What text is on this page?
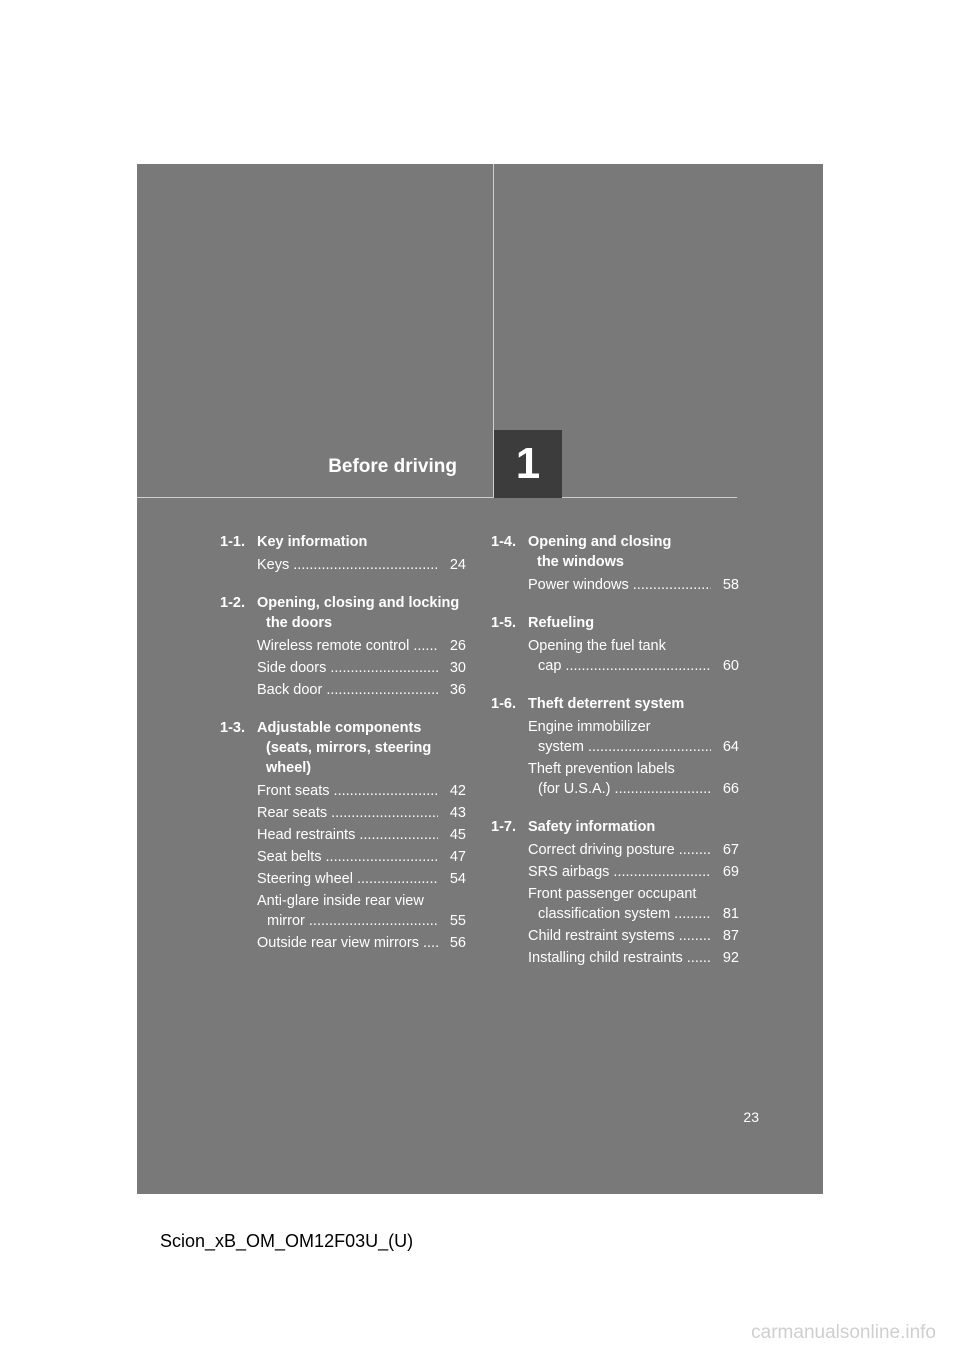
Before driving	1
1-1. Key information
Keys .....	24
1-2. Opening, closing and locking
the doors
Wireless remote control .....	26
Side doors .....	30
Back door .....	36
1-3. Adjustable components
(seats, mirrors, steering wheel)
Front seats .....	42
Rear seats .....	43
Head restraints .....	45
Seat belts .....	47
Steering wheel .....	54
Anti-glare inside rear view
mirror .....	55
Outside rear view mirrors .....	56
1-4. Opening and closing
the windows
Power windows .....	58
1-5. Refueling
Opening the fuel tank
cap .....	60
1-6. Theft deterrent system
Engine immobilizer
system .....	64
Theft prevention labels
(for U.S.A.) .....	66
1-7. Safety information
Correct driving posture .....	67
SRS airbags .....	69
Front passenger occupant
classification system .....	81
Child restraint systems .....	87
Installing child restraints .....	92
23
Scion_xB_OM_OM12F03U_(U)
carmanualsonline.info
